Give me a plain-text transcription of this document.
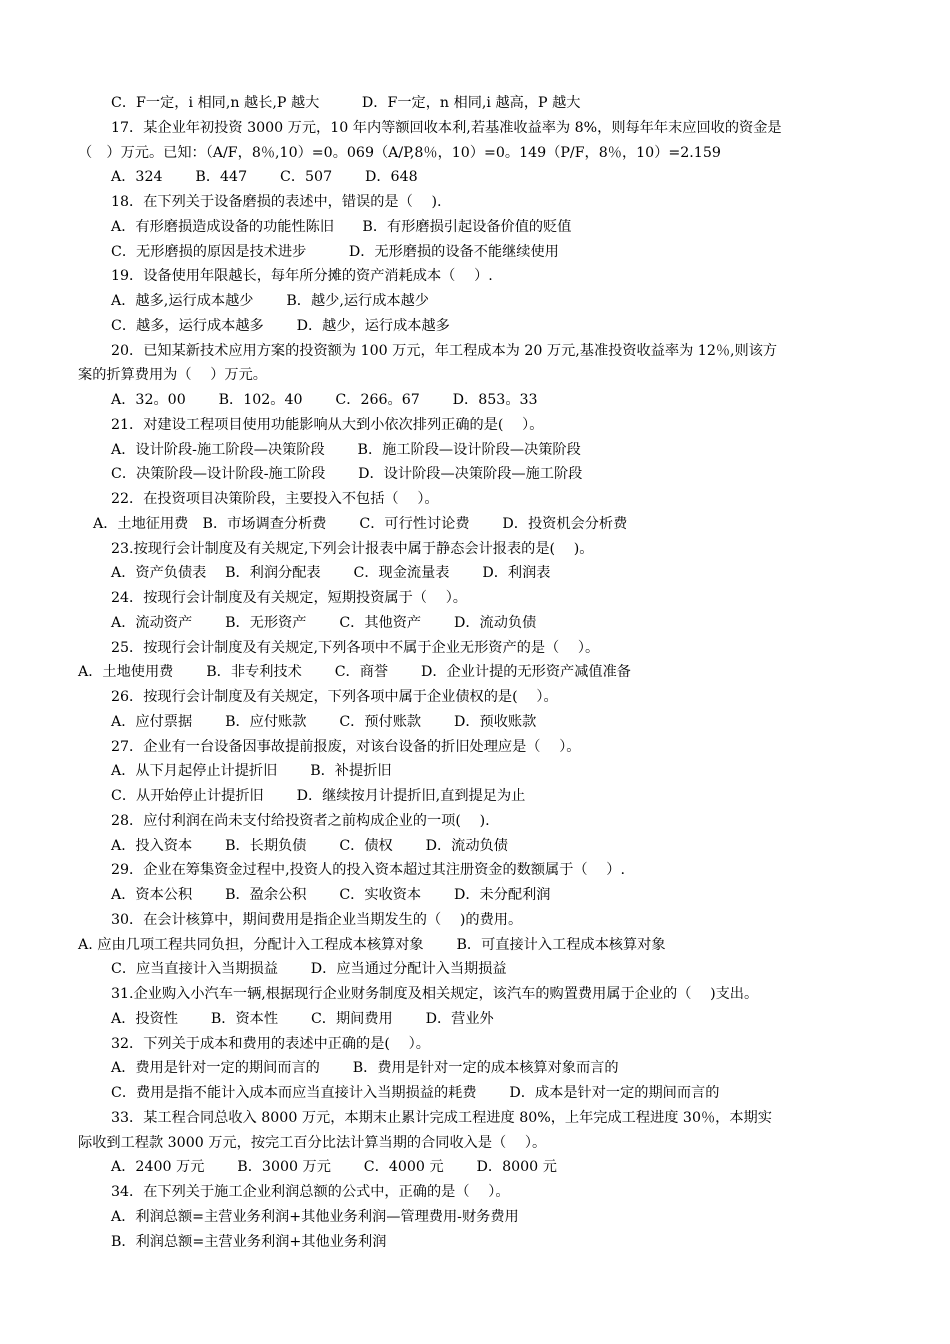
C．F一定，i 相同,n 越长,P 越大　　　D．F一定，n 相同,i 越高，P 越大
17．某企业年初投资 3000 万元，10 年内等额回收本利,若基准收益率为 8%，则每年年末应回收的资金是
（　）万元。已知：（A/F，8％,10）=0。069（A/P,8％，10）=0。149（P/F，8％，10）=2.159
A．324　　 B．447　　 C．507　　 D．648
18．在下列关于设备磨损的表述中，错误的是（　 ).
A．有形磨损造成设备的功能性陈旧　　B．有形磨损引起设备价值的贬值
C．无形磨损的原因是技术进步　　　D．无形磨损的设备不能继续使用
19．设备使用年限越长，每年所分摊的资产消耗成本（　 ）.
A．越多,运行成本越少　　 B．越少,运行成本越少
C．越多，运行成本越多　　 D．越少，运行成本越多
20．已知某新技术应用方案的投资额为 100 万元，年工程成本为 20 万元,基准投资收益率为 12％,则该方
案的折算费用为（　 ）万元。
A．32。00　　 B．102。40　　 C．266。67　　 D．853。33
21．对建设工程项目使用功能影响从大到小依次排列正确的是(　 ）。
A．设计阶段-施工阶段—决策阶段　　 B．施工阶段—设计阶段—决策阶段
C．决策阶段—设计阶段-施工阶段　　 D．设计阶段—决策阶段—施工阶段
22．在投资项目决策阶段，主要投入不包括（　 ）。
A．土地征用费　B．市场调查分析费　　 C．可行性讨论费　　 D．投资机会分析费
23.按现行会计制度及有关规定,下列会计报表中属于静态会计报表的是(　 )。
A．资产负债表　 B．利润分配表　　 C．现金流量表　　 D．利润表
24．按现行会计制度及有关规定，短期投资属于（　 ）。
A．流动资产　　 B．无形资产　　 C．其他资产　　 D．流动负债
25．按现行会计制度及有关规定,下列各项中不属于企业无形资产的是（　 ）。
A．土地使用费　　 B．非专利技术　　 C．商誉　　 D．企业计提的无形资产减值准备
26．按现行会计制度及有关规定，下列各项中属于企业债权的是(　 ）。
A．应付票据　　 B．应付账款　　 C．预付账款　　 D．预收账款
27．企业有一台设备因事故提前报废，对该台设备的折旧处理应是（　 ）。
A．从下月起停止计提折旧　　 B．补提折旧
C．从开始停止计提折旧　　 D．继续按月计提折旧,直到提足为止
28．应付利润在尚未支付给投资者之前构成企业的一项(　 ).
A．投入资本　　 B．长期负债　　 C．债权　　 D．流动负债
29．企业在筹集资金过程中,投资人的投入资本超过其注册资金的数额属于（　 ）.
A．资本公积　　 B．盈余公积　　 C．实收资本　　 D．未分配利润
30．在会计核算中，期间费用是指企业当期发生的（　 )的费用。
A. 应由几项工程共同负担，分配计入工程成本核算对象　　 B．可直接计入工程成本核算对象
C．应当直接计入当期损益　　 D．应当通过分配计入当期损益
31.企业购入小汽车一辆,根据现行企业财务制度及相关规定，该汽车的购置费用属于企业的（　 )支出。
A．投资性　　 B．资本性　　 C．期间费用　　 D．营业外
32．下列关于成本和费用的表述中正确的是(　 ）。
A．费用是针对一定的期间而言的　　 B．费用是针对一定的成本核算对象而言的
C．费用是指不能计入成本而应当直接计入当期损益的耗费　　 D．成本是针对一定的期间而言的
33．某工程合同总收入 8000 万元，本期末止累计完成工程进度 80%，上年完成工程进度 30％，本期实
际收到工程款 3000 万元，按完工百分比法计算当期的合同收入是（　 ）。
A．2400 万元　　 B．3000 万元　　 C．4000 元　　 D．8000 元
34．在下列关于施工企业利润总额的公式中，正确的是（　 ）。
A．利润总额=主营业务利润+其他业务利润—管理费用-财务费用
B．利润总额=主营业务利润+其他业务利润
